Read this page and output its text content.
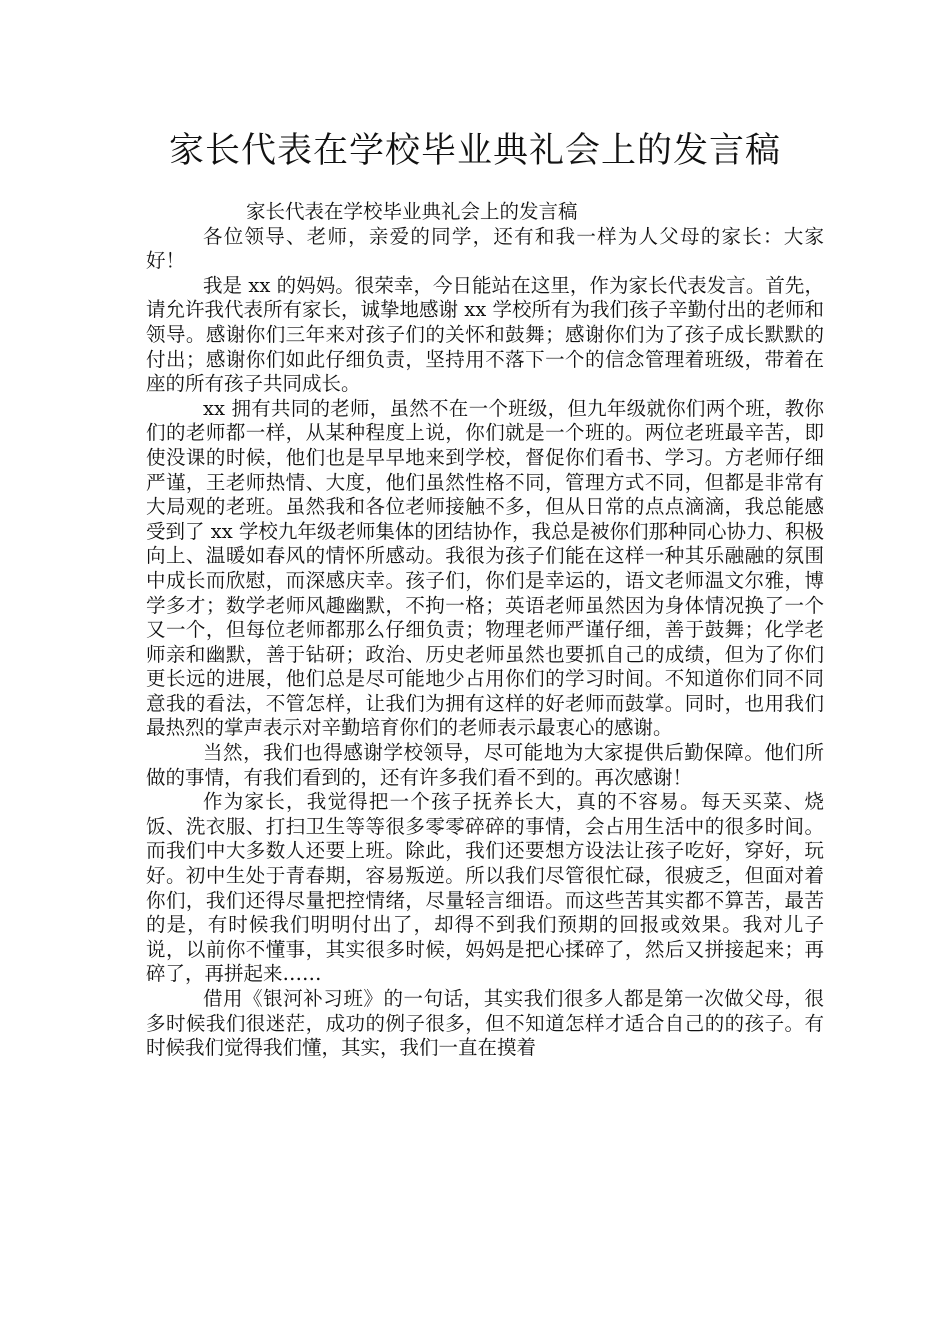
家长代表在学校毕业典礼会上的发言稿

家长代表在学校毕业典礼会上的发言稿

各位领导、老师，亲爱的同学，还有和我一样为人父母的家长：大家好！

我是 xx 的妈妈。很荣幸，今日能站在这里，作为家长代表发言。首先，请允许我代表所有家长，诚挚地感谢 xx 学校所有为我们孩子辛勤付出的老师和领导。感谢你们三年来对孩子们的关怀和鼓舞；感谢你们为了孩子成长默默的付出；感谢你们如此仔细负责，坚持用不落下一个的信念管理着班级，带着在座的所有孩子共同成长。

xx 拥有共同的老师，虽然不在一个班级，但九年级就你们两个班，教你们的老师都一样，从某种程度上说，你们就是一个班的。两位老班最辛苦，即使没课的时候，他们也是早早地来到学校，督促你们看书、学习。方老师仔细严谨，王老师热情、大度，他们虽然性格不同，管理方式不同，但都是非常有大局观的老班。虽然我和各位老师接触不多，但从日常的点点滴滴，我总能感受到了 xx 学校九年级老师集体的团结协作，我总是被你们那种同心协力、积极向上、温暖如春风的情怀所感动。我很为孩子们能在这样一种其乐融融的氛围中成长而欣慰，而深感庆幸。孩子们，你们是幸运的，语文老师温文尔雅，博学多才；数学老师风趣幽默，不拘一格；英语老师虽然因为身体情况换了一个又一个，但每位老师都那么仔细负责；物理老师严谨仔细，善于鼓舞；化学老师亲和幽默，善于钻研；政治、历史老师虽然也要抓自己的成绩，但为了你们更长远的进展，他们总是尽可能地少占用你们的学习时间。不知道你们同不同意我的看法，不管怎样，让我们为拥有这样的好老师而鼓掌。同时，也用我们最热烈的掌声表示对辛勤培育你们的老师表示最衷心的感谢。

当然，我们也得感谢学校领导，尽可能地为大家提供后勤保障。他们所做的事情，有我们看到的，还有许多我们看不到的。再次感谢！

作为家长，我觉得把一个孩子抚养长大，真的不容易。每天买菜、烧饭、洗衣服、打扫卫生等等很多零零碎碎的事情，会占用生活中的很多时间。而我们中大多数人还要上班。除此，我们还要想方设法让孩子吃好，穿好，玩好。初中生处于青春期，容易叛逆。所以我们尽管很忙碌，很疲乏，但面对着你们，我们还得尽量把控情绪，尽量轻言细语。而这些苦其实都不算苦，最苦的是，有时候我们明明付出了，却得不到我们预期的回报或效果。我对儿子说，以前你不懂事，其实很多时候，妈妈是把心揉碎了，然后又拼接起来；再碎了，再拼起来……

借用《银河补习班》的一句话，其实我们很多人都是第一次做父母，很多时候我们很迷茫，成功的例子很多，但不知道怎样才适合自己的的孩子。有时候我们觉得我们懂，其实，我们一直在摸着
